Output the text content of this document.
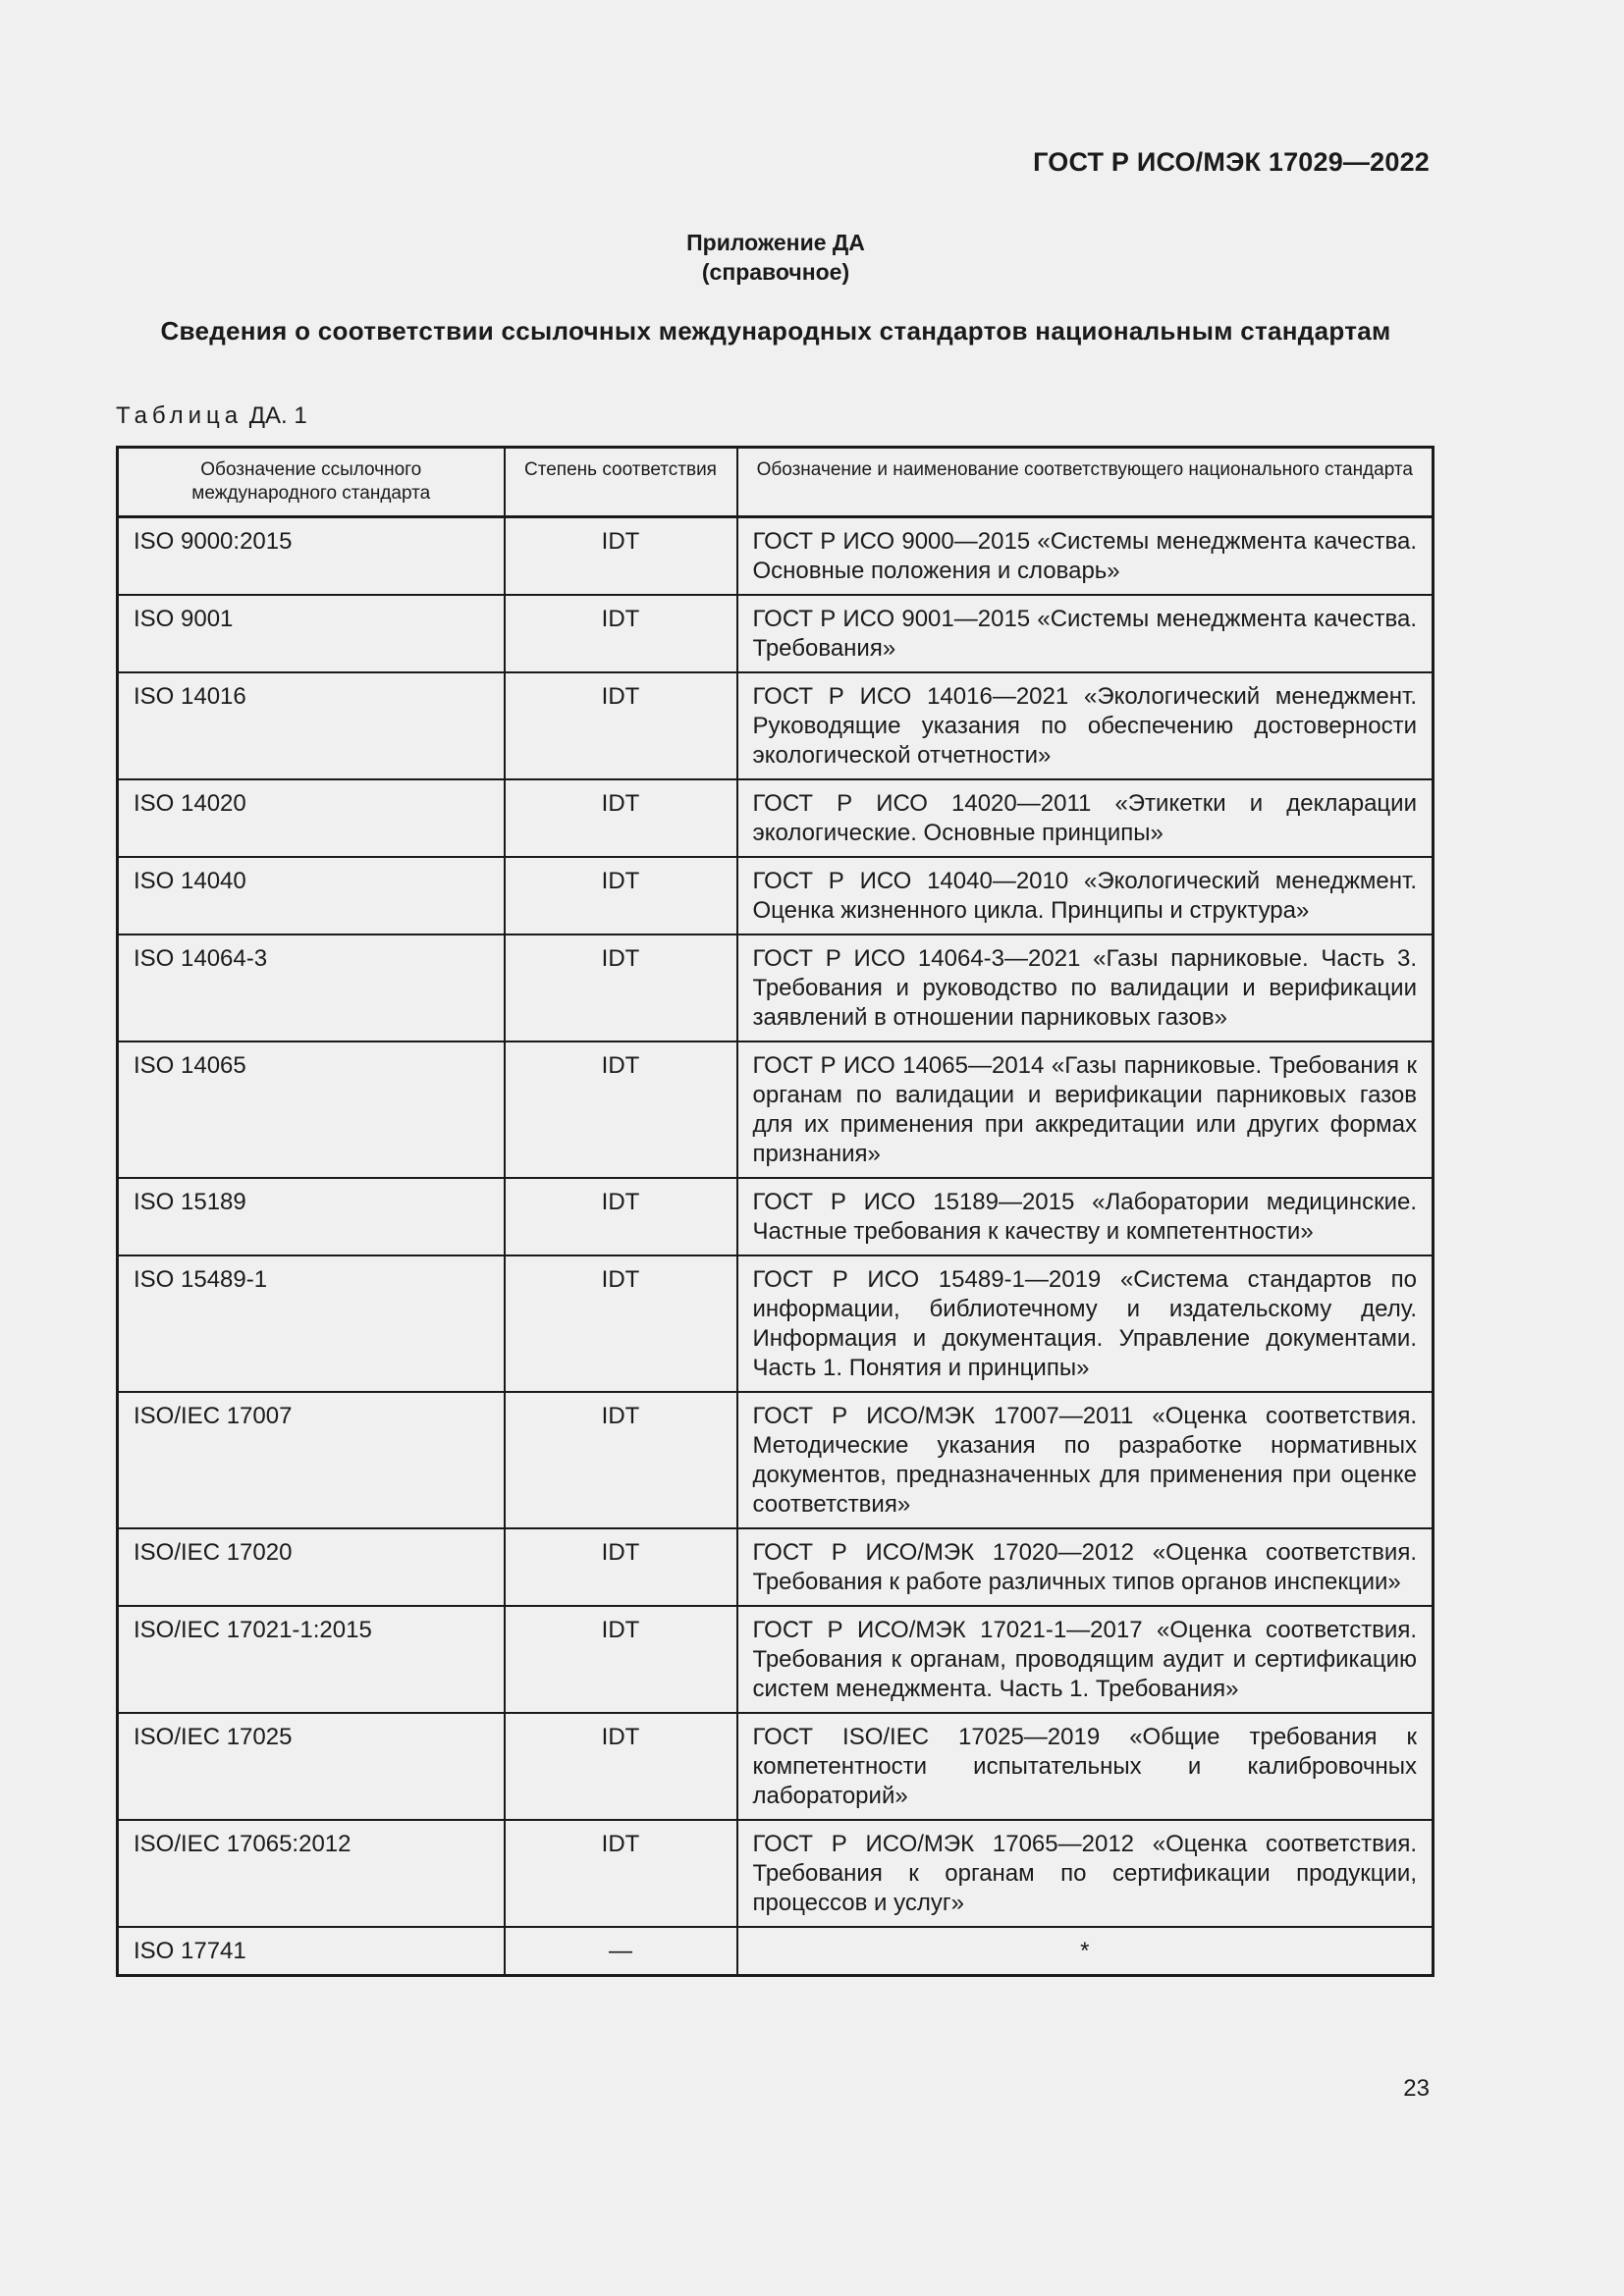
ГОСТ Р ИСО/МЭК 17029—2022
Приложение ДА
(справочное)
Сведения о соответствии ссылочных международных стандартов национальным стандартам
Таблица ДА. 1
Обозначение ссылочного международного стандарта	Степень соответствия	Обозначение и наименование соответствующего национального стандарта
ISO 9000:2015	IDT	ГОСТ Р ИСО 9000—2015 «Системы менеджмента качества. Основные положения и словарь»
ISO 9001	IDT	ГОСТ Р ИСО 9001—2015 «Системы менеджмента качества. Требования»
ISO 14016	IDT	ГОСТ Р ИСО 14016—2021 «Экологический менеджмент. Руководящие указания по обеспечению достоверности экологической отчетности»
ISO 14020	IDT	ГОСТ Р ИСО 14020—2011 «Этикетки и декларации экологические. Основные принципы»
ISO 14040	IDT	ГОСТ Р ИСО 14040—2010 «Экологический менеджмент. Оценка жизненного цикла. Принципы и структура»
ISO 14064-3	IDT	ГОСТ Р ИСО 14064-3—2021 «Газы парниковые. Часть 3. Требования и руководство по валидации и верификации заявлений в отношении парниковых газов»
ISO 14065	IDT	ГОСТ Р ИСО 14065—2014 «Газы парниковые. Требования к органам по валидации и верификации парниковых газов для их применения при аккредитации или других формах признания»
ISO 15189	IDT	ГОСТ Р ИСО 15189—2015 «Лаборатории медицинские. Частные требования к качеству и компетентности»
ISO 15489-1	IDT	ГОСТ Р ИСО 15489-1—2019 «Система стандартов по информации, библиотечному и издательскому делу. Информация и документация. Управление документами. Часть 1. Понятия и принципы»
ISO/IEC 17007	IDT	ГОСТ Р ИСО/МЭК 17007—2011 «Оценка соответствия. Методические указания по разработке нормативных документов, предназначенных для применения при оценке соответствия»
ISO/IEC 17020	IDT	ГОСТ Р ИСО/МЭК 17020—2012 «Оценка соответствия. Требования к работе различных типов органов инспекции»
ISO/IEC 17021-1:2015	IDT	ГОСТ Р ИСО/МЭК 17021-1—2017 «Оценка соответствия. Требования к органам, проводящим аудит и сертификацию систем менеджмента. Часть 1. Требования»
ISO/IEC 17025	IDT	ГОСТ ISO/IEC 17025—2019 «Общие требования к компетентности испытательных и калибровочных лабораторий»
ISO/IEC 17065:2012	IDT	ГОСТ Р ИСО/МЭК 17065—2012 «Оценка соответствия. Требования к органам по сертификации продукции, процессов и услуг»
ISO 17741	—	*
23
